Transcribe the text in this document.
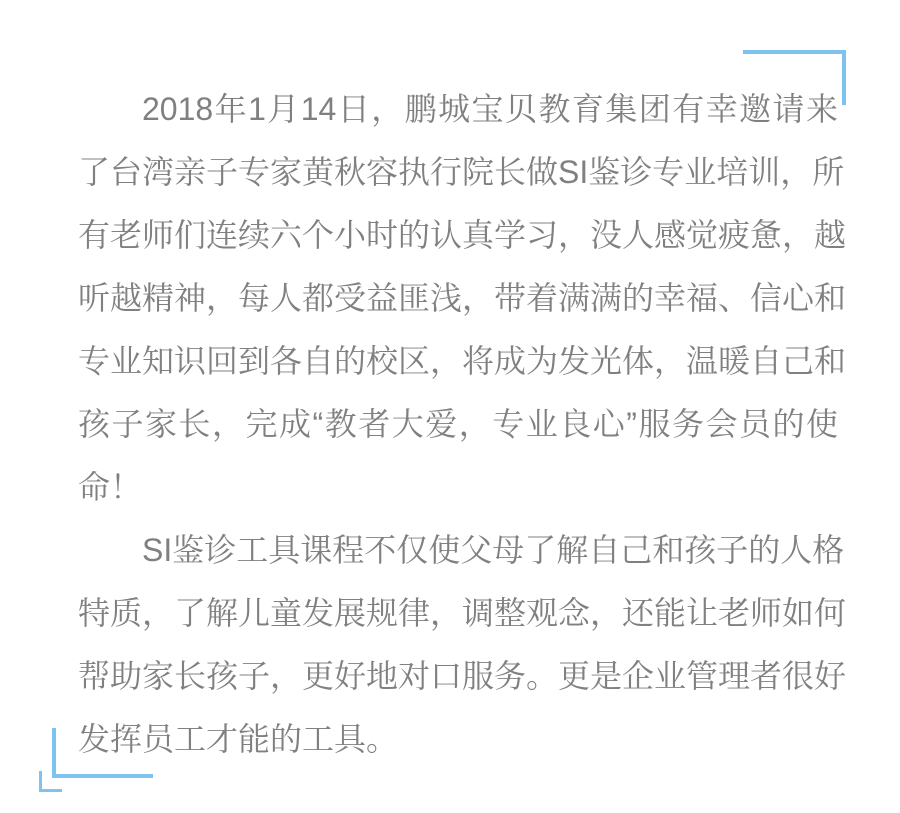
2018年1月14日，鹏城宝贝教育集团有幸邀请来
了台湾亲子专家黄秋容执行院长做SI鉴诊专业培训，所
有老师们连续六个小时的认真学习，没人感觉疲惫，越
听越精神，每人都受益匪浅，带着满满的幸福、信心和
专业知识回到各自的校区，将成为发光体，温暖自己和
孩子家长，完成“教者大爱，专业良心”服务会员的使
命！

SI鉴诊工具课程不仅使父母了解自己和孩子的人格
特质，了解儿童发展规律，调整观念，还能让老师如何
帮助家长孩子，更好地对口服务。更是企业管理者很好
发挥员工才能的工具。
